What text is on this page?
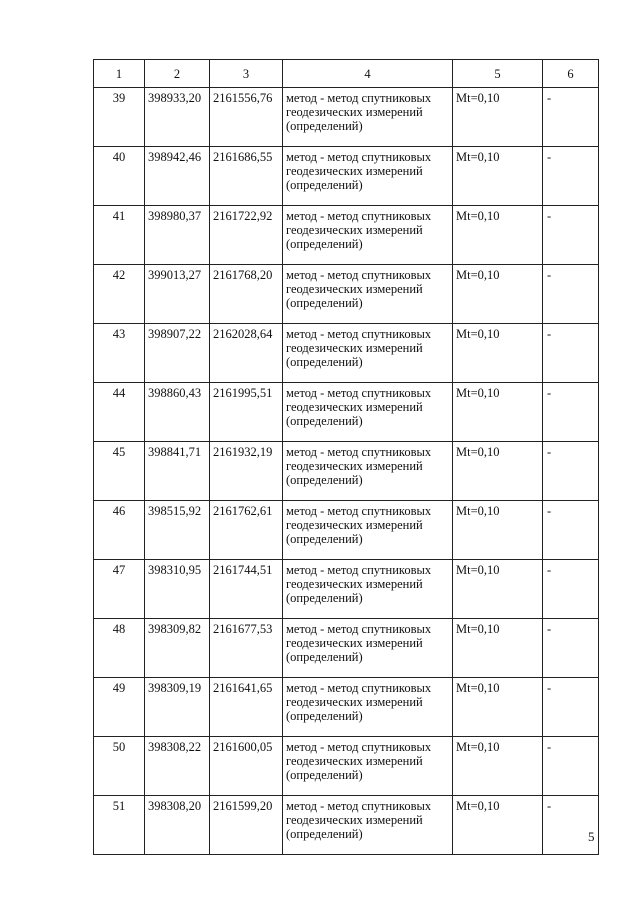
1	2	3	4	5	6
39	398933,20	2161556,76	метод - метод спутниковых геодезических измерений (определений)	Mt=0,10	-
40	398942,46	2161686,55	метод - метод спутниковых геодезических измерений (определений)	Mt=0,10	-
41	398980,37	2161722,92	метод - метод спутниковых геодезических измерений (определений)	Mt=0,10	-
42	399013,27	2161768,20	метод - метод спутниковых геодезических измерений (определений)	Mt=0,10	-
43	398907,22	2162028,64	метод - метод спутниковых геодезических измерений (определений)	Mt=0,10	-
44	398860,43	2161995,51	метод - метод спутниковых геодезических измерений (определений)	Mt=0,10	-
45	398841,71	2161932,19	метод - метод спутниковых геодезических измерений (определений)	Mt=0,10	-
46	398515,92	2161762,61	метод - метод спутниковых геодезических измерений (определений)	Mt=0,10	-
47	398310,95	2161744,51	метод - метод спутниковых геодезических измерений (определений)	Mt=0,10	-
48	398309,82	2161677,53	метод - метод спутниковых геодезических измерений (определений)	Mt=0,10	-
49	398309,19	2161641,65	метод - метод спутниковых геодезических измерений (определений)	Mt=0,10	-
50	398308,22	2161600,05	метод - метод спутниковых геодезических измерений (определений)	Mt=0,10	-
51	398308,20	2161599,20	метод - метод спутниковых геодезических измерений (определений)	Mt=0,10	-
5
